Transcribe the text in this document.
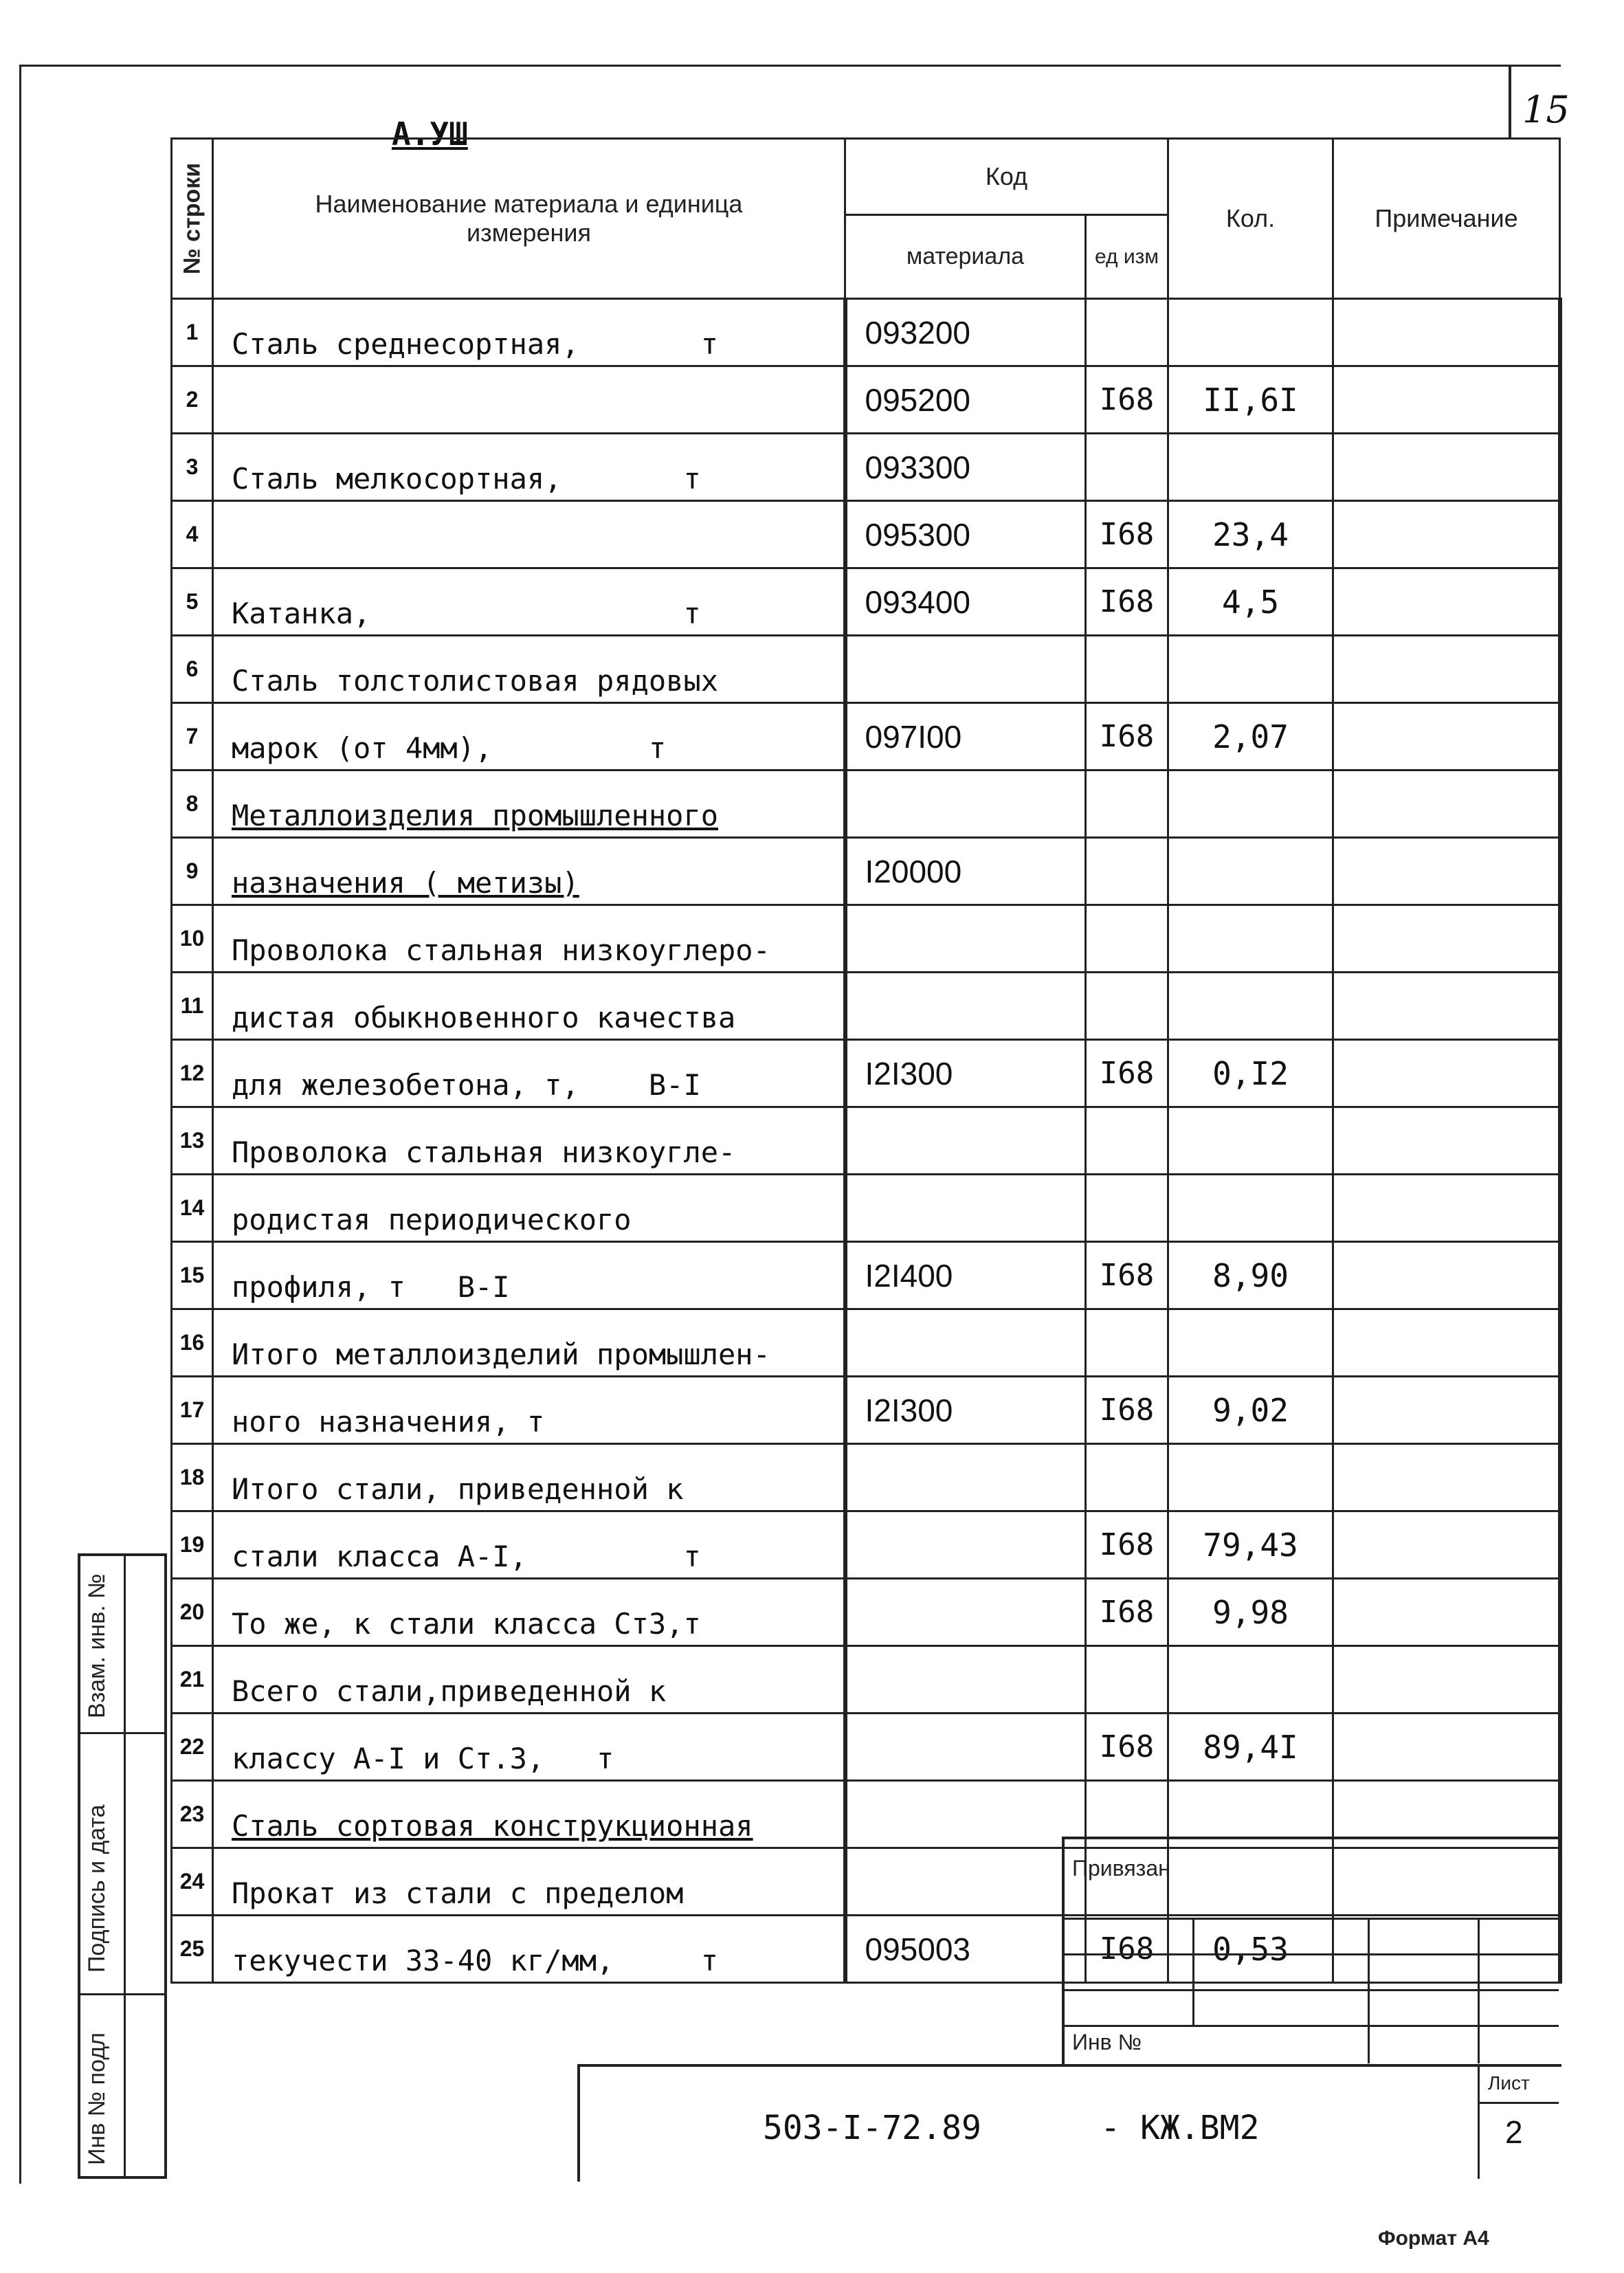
15
А.УШ
№ строки	Наименование материала и единица измерения	Код		Кол.	Примечание
		материала	ед изм		
1	Сталь среднесортная,       т	093200			
2		095200	I68	II,6I	
3	Сталь мелкосортная,       т	093300			
4		095300	I68	23,4	
5	Катанка,                  т	093400	I68	4,5	
6	Сталь толстолистовая рядовых				
7	марок (от 4мм),         т	097I00	I68	2,07	
8	Металлоизделия промышленного				
9	назначения ( метизы)	I20000			
10	Проволока стальная низкоуглеро-				
11	дистая обыкновенного качества				
12	для железобетона, т,    В-I	I2I300	I68	0,I2	
13	Проволока стальная низкоугле-				
14	родистая периодического				
15	профиля, т   В-I	I2I400	I68	8,90	
16	Итого металлоизделий промышлен-				
17	ного назначения, т	I2I300	I68	9,02	
18	Итого стали, приведенной к				
19	стали класса А-I,         т		I68	79,43	
20	То же, к стали класса Ст3,т		I68	9,98	
21	Всего стали,приведенной к				
22	классу А-I и Ст.3,   т		I68	89,4I	
23	Сталь сортовая конструкционная				
24	Прокат из стали с пределом				
25	текучести 33-40 кг/мм,     т	095003	I68	0,53	
Взам. инв. №
Подпись и дата
Инв № подл
Привязан
Инв №
Лист
2
503-I-72.89      - КЖ.ВМ2
Формат А4
